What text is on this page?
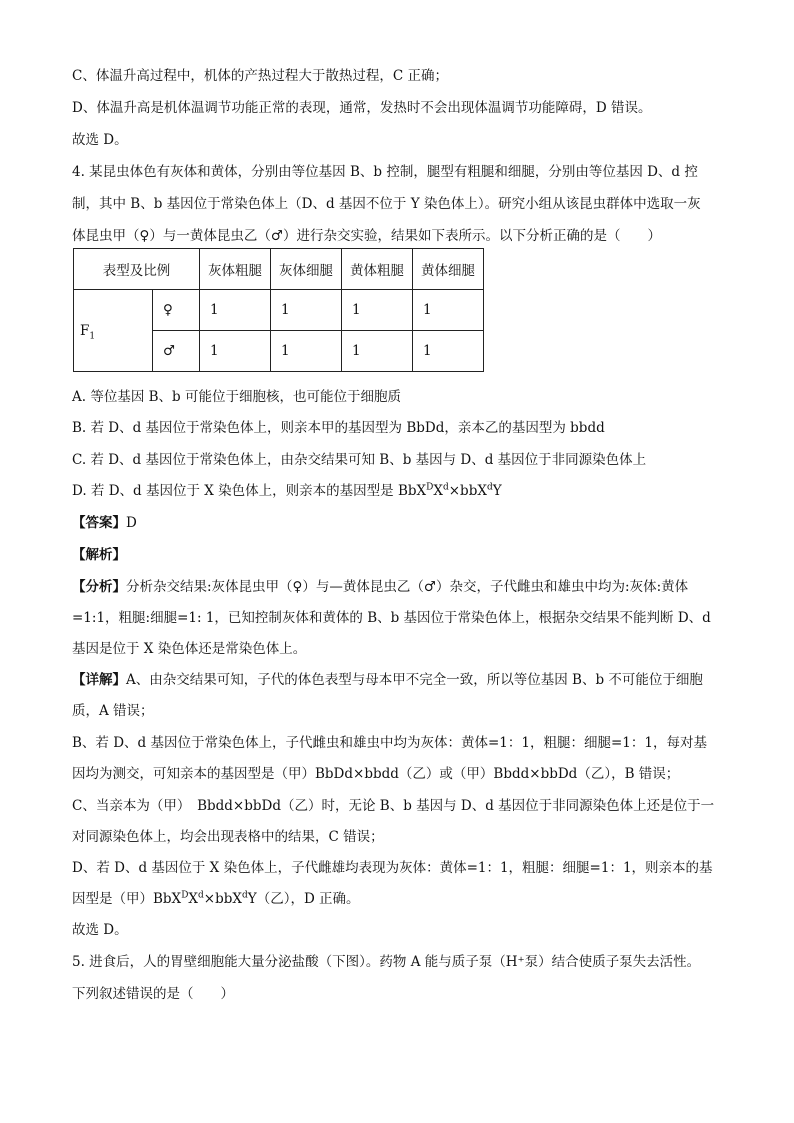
C、体温升高过程中，机体的产热过程大于散热过程，C 正确；
D、体温升高是机体温调节功能正常的表现，通常，发热时不会出现体温调节功能障碍，D 错误。
故选 D。
4. 某昆虫体色有灰体和黄体，分别由等位基因 B、b 控制，腿型有粗腿和细腿，分别由等位基因 D、d 控
制，其中 B、b 基因位于常染色体上（D、d 基因不位于 Y 染色体上）。研究小组从该昆虫群体中选取一灰
体昆虫甲（♀）与一黄体昆虫乙（♂）进行杂交实验，结果如下表所示。以下分析正确的是（　　）
表型及比例		灰体粗腿	灰体细腿	黄体粗腿	黄体细腿
$F_1$	♀	1	1	1	1
	♂	1	1	1	1
A. 等位基因 B、b 可能位于细胞核，也可能位于细胞质
B. 若 D、d 基因位于常染色体上，则亲本甲的基因型为 BbDd，亲本乙的基因型为 bbdd
C. 若 D、d 基因位于常染色体上，由杂交结果可知 B、b 基因与 D、d 基因位于非同源染色体上
D. 若 D、d 基因位于 X 染色体上，则亲本的基因型是 $BbX^DX^d\times bbX^dY$
【答案】D
【解析】
【分析】分析杂交结果:灰体昆虫甲（♀）与—黄体昆虫乙（♂）杂交，子代雌虫和雄虫中均为:灰体:黄体
=1:1，粗腿:细腿=1: 1，已知控制灰体和黄体的 B、b 基因位于常染色体上，根据杂交结果不能判断 D、d
基因是位于 X 染色体还是常染色体上。
【详解】A、由杂交结果可知，子代的体色表型与母本甲不完全一致，所以等位基因 B、b 不可能位于细胞
质，A 错误；
B、若 D、d 基因位于常染色体上，子代雌虫和雄虫中均为灰体：黄体=1：1，粗腿：细腿=1：1，每对基
因均为测交，可知亲本的基因型是（甲）BbDd×bbdd（乙）或（甲）Bbdd×bbDd（乙），B 错误；
C、当亲本为（甲）　Bbdd×bbDd（乙）时，无论 B、b 基因与 D、d 基因位于非同源染色体上还是位于一
对同源染色体上，均会出现表格中的结果，C 错误；
D、若 D、d 基因位于 X 染色体上，子代雌雄均表现为灰体：黄体=1：1，粗腿：细腿=1：1，则亲本的基
因型是（甲）$BbX^DX^d\times bbX^dY$（乙），D 正确。
故选 D。
5. 进食后，人的胃壁细胞能大量分泌盐酸（下图）。药物 A 能与质子泵（H⁺泵）结合使质子泵失去活性。
下列叙述错误的是（　　）
